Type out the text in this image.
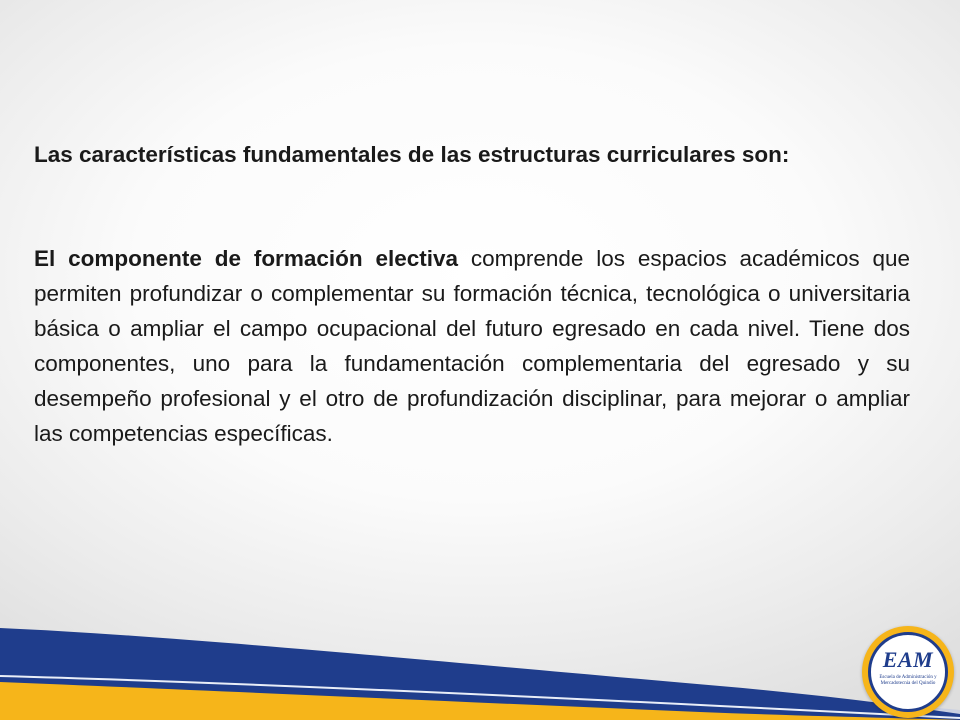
Las características fundamentales de las estructuras curriculares son:

El componente de formación electiva comprende los espacios académicos que permiten profundizar o complementar su formación técnica, tecnológica o universitaria básica o ampliar el campo ocupacional del futuro egresado en cada nivel. Tiene dos componentes, uno para la fundamentación complementaria del egresado y su desempeño profesional y el otro de profundización disciplinar, para mejorar o ampliar las competencias específicas.

EAM
Escuela de Administración y Mercadotecnia del Quindío
